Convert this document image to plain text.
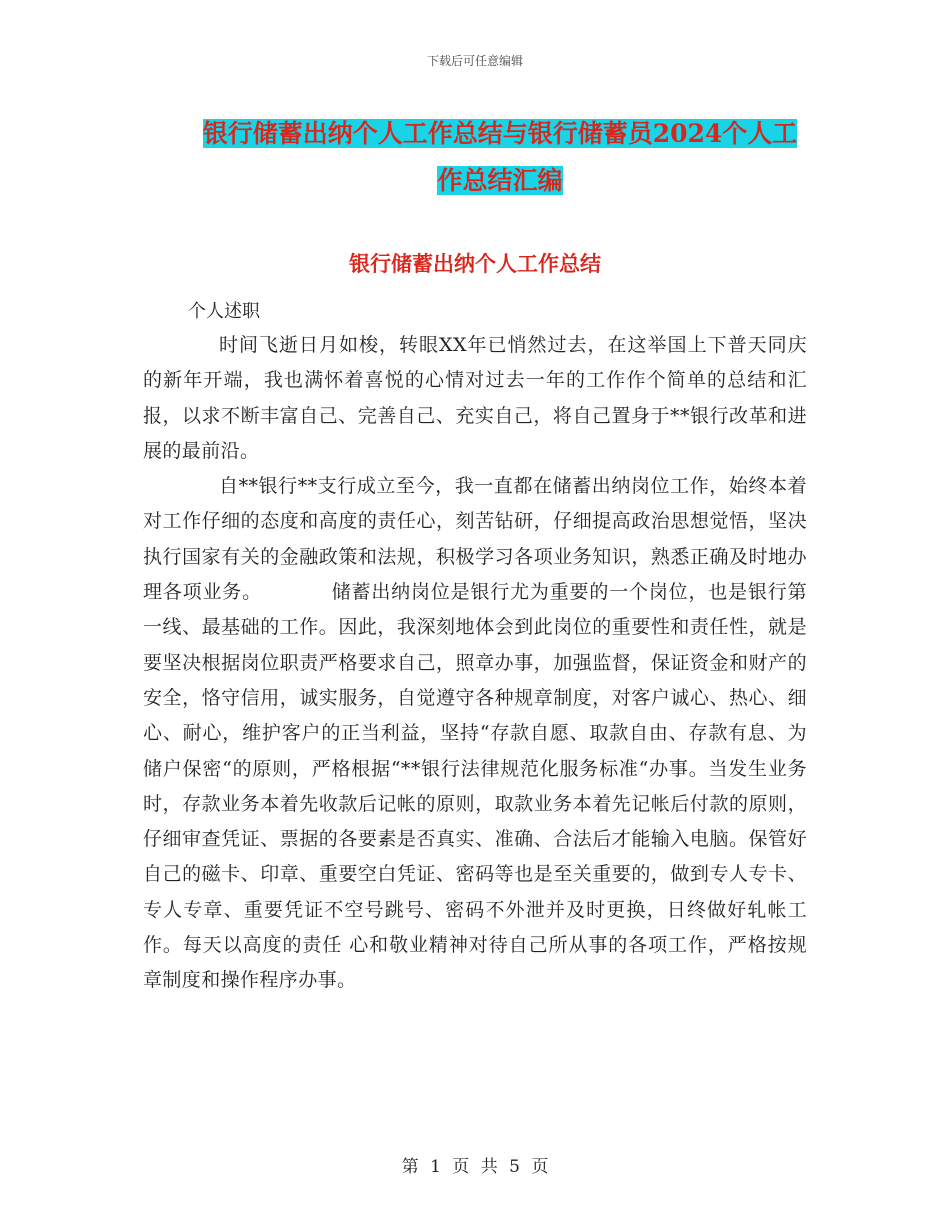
下载后可任意编辑
银行储蓄出纳个人工作总结与银行储蓄员2024个人工
作总结汇编
银行储蓄出纳个人工作总结
个人述职

时间飞逝日月如梭，转眼XX年已悄然过去，在这举国上下普天同庆的新年开端，我也满怀着喜悦的心情对过去一年的工作作个简单的总结和汇报，以求不断丰富自己、完善自己、充实自己，将自己置身于**银行改革和进展的最前沿。

自**银行**支行成立至今，我一直都在储蓄出纳岗位工作，始终本着对工作仔细的态度和高度的责任心，刻苦钻研，仔细提高政治思想觉悟，坚决执行国家有关的金融政策和法规，积极学习各项业务知识，熟悉正确及时地办理各项业务。　　　　储蓄出纳岗位是银行尤为重要的一个岗位，也是银行第一线、最基础的工作。因此，我深刻地体会到此岗位的重要性和责任性，就是要坚决根据岗位职责严格要求自己，照章办事，加强监督，保证资金和财产的安全，恪守信用，诚实服务，自觉遵守各种规章制度，对客户诚心、热心、细心、耐心，维护客户的正当利益，坚持“存款自愿、取款自由、存款有息、为储户保密“的原则，严格根据“**银行法律规范化服务标准“办事。当发生业务时，存款业务本着先收款后记帐的原则，取款业务本着先记帐后付款的原则，仔细审查凭证、票据的各要素是否真实、准确、合法后才能输入电脑。保管好自己的磁卡、印章、重要空白凭证、密码等也是至关重要的，做到专人专卡、专人专章、重要凭证不空号跳号、密码不外泄并及时更换，日终做好轧帐工作。每天以高度的责任 心和敬业精神对待自己所从事的各项工作，严格按规章制度和操作程序办事。

第 1 页 共 5 页
